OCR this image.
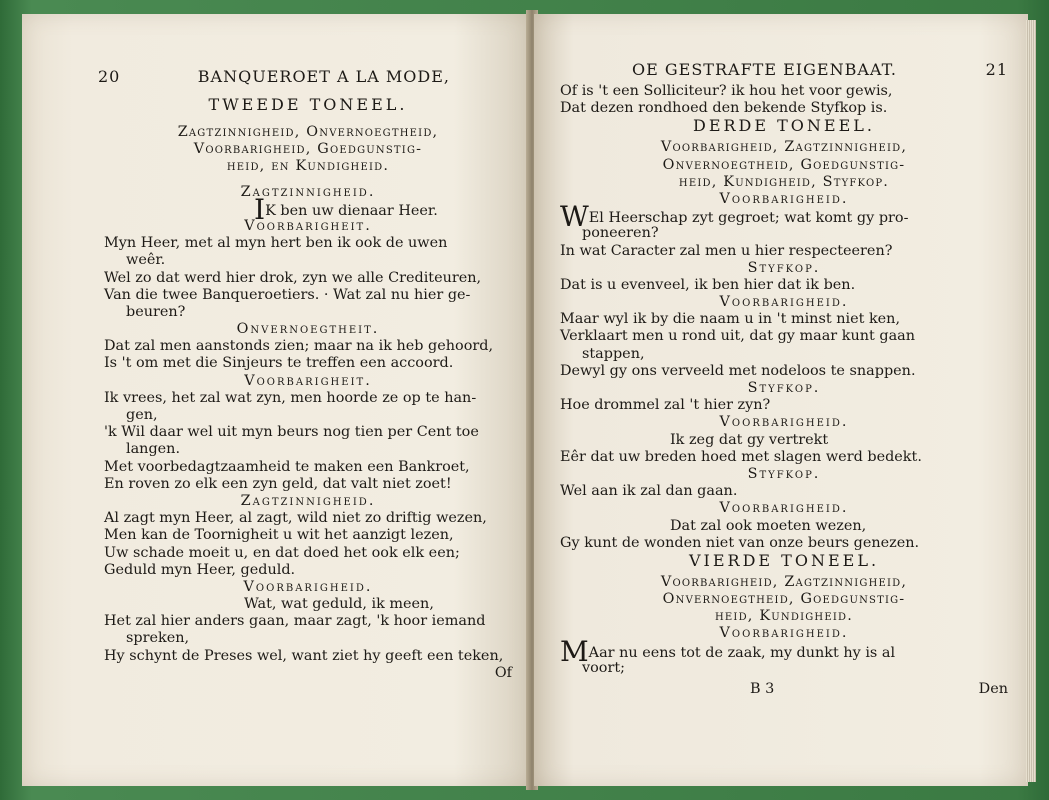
20	BANQUEROET A LA MODE,
TWEEDE TONEEL.
Zagtzinnigheid, Onvernoegtheid,
Voorbarigheid, Goedgunstig-
heid, en Kundigheid.
Zagtzinnigheid.
IK ben uw dienaar Heer.
Voorbarigheit.
Myn Heer, met al myn hert ben ik ook de uwen
weêr.
Wel zo dat werd hier drok, zyn we alle Crediteuren,
Van die twee Banqueroetiers. · Wat zal nu hier ge-
beuren?
Onvernoegtheit.
Dat zal men aanstonds zien; maar na ik heb gehoord,
Is 't om met die Sinjeurs te treffen een accoord.
Voorbarigheit.
Ik vrees, het zal wat zyn, men hoorde ze op te han-
gen,
'k Wil daar wel uit myn beurs nog tien per Cent toe
langen.
Met voorbedagtzaamheid te maken een Bankroet,
En roven zo elk een zyn geld, dat valt niet zoet!
Zagtzinnigheid.
Al zagt myn Heer, al zagt, wild niet zo driftig wezen,
Men kan de Toornigheit u wit het aanzigt lezen,
Uw schade moeit u, en dat doed het ook elk een;
Geduld myn Heer, geduld.
Voorbarigheid.
Wat, wat geduld, ik meen,
Het zal hier anders gaan, maar zagt, 'k hoor iemand
spreken,
Hy schynt de Preses wel, want ziet hy geeft een teken,
Of
OE GESTRAFTE EIGENBAAT.	21
Of is 't een Solliciteur? ik hou het voor gewis,
Dat dezen rondhoed den bekende Styfkop is.
DERDE TONEEL.
Voorbarigheid, Zagtzinnigheid,
Onvernoegtheid, Goedgunstig-
heid, Kundigheid, Styfkop.
Voorbarigheid.
WEl Heerschap zyt gegroet; wat komt gy pro-
poneeren?
In wat Caracter zal men u hier respecteeren?
Styfkop.
Dat is u evenveel, ik ben hier dat ik ben.
Voorbarigheid.
Maar wyl ik by die naam u in 't minst niet ken,
Verklaart men u rond uit, dat gy maar kunt gaan
stappen,
Dewyl gy ons verveeld met nodeloos te snappen.
Styfkop.
Hoe drommel zal 't hier zyn?
Voorbarigheid.
Ik zeg dat gy vertrekt
Eêr dat uw breden hoed met slagen werd bedekt.
Styfkop.
Wel aan ik zal dan gaan.
Voorbarigheid.
Dat zal ook moeten wezen,
Gy kunt de wonden niet van onze beurs genezen.
VIERDE TONEEL.
Voorbarigheid, Zagtzinnigheid,
Onvernoegtheid, Goedgunstig-
heid, Kundigheid.
Voorbarigheid.
MAar nu eens tot de zaak, my dunkt hy is al
voort;
B 3	Den
